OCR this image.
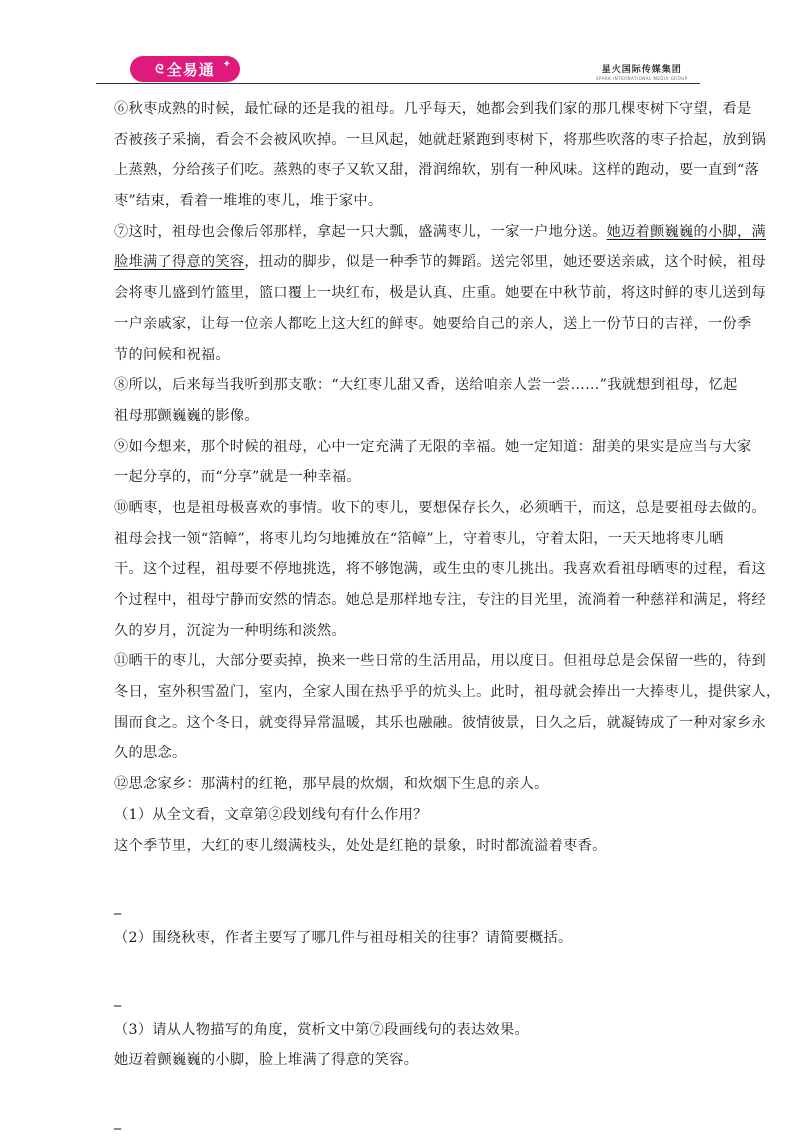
ᘓ 全易通 ✦	星火国际传媒集团
SPARK INTERNATIONAL MEDIA GROUP
⑥秋枣成熟的时候，最忙碌的还是我的祖母。几乎每天，她都会到我们家的那几棵枣树下守望，看是
否被孩子采摘，看会不会被风吹掉。一旦风起，她就赶紧跑到枣树下，将那些吹落的枣子拾起，放到锅
上蒸熟，分给孩子们吃。蒸熟的枣子又软又甜，滑润绵软，别有一种风味。这样的跑动，要一直到“落
枣”结束，看着一堆堆的枣儿，堆于家中。
⑦这时，祖母也会像后邻那样，拿起一只大瓢，盛满枣儿，一家一户地分送。她迈着颤巍巍的小脚，满
脸堆满了得意的笑容，扭动的脚步，似是一种季节的舞蹈。送完邻里，她还要送亲戚，这个时候，祖母
会将枣儿盛到竹篮里，篮口覆上一块红布，极是认真、庄重。她要在中秋节前，将这时鲜的枣儿送到每
一户亲戚家，让每一位亲人都吃上这大红的鲜枣。她要给自己的亲人，送上一份节日的吉祥，一份季
节的问候和祝福。
⑧所以，后来每当我听到那支歌：“大红枣儿甜又香，送给咱亲人尝一尝……”我就想到祖母，忆起
祖母那颤巍巍的影像。
⑨如今想来，那个时候的祖母，心中一定充满了无限的幸福。她一定知道：甜美的果实是应当与大家
一起分享的，而“分享”就是一种幸福。
⑩晒枣，也是祖母极喜欢的事情。收下的枣儿，要想保存长久，必须晒干，而这，总是要祖母去做的。
祖母会找一领“箔幛”，将枣儿均匀地摊放在“箔幛”上，守着枣儿，守着太阳，一天天地将枣儿晒
干。这个过程，祖母要不停地挑选，将不够饱满，或生虫的枣儿挑出。我喜欢看祖母晒枣的过程，看这
个过程中，祖母宁静而安然的情态。她总是那样地专注，专注的目光里，流淌着一种慈祥和满足，将经
久的岁月，沉淀为一种明练和淡然。
⑪晒干的枣儿，大部分要卖掉，换来一些日常的生活用品，用以度日。但祖母总是会保留一些的，待到
冬日，室外积雪盈门，室内，全家人围在热乎乎的炕头上。此时，祖母就会捧出一大捧枣儿，提供家人，
围而食之。这个冬日，就变得异常温暖，其乐也融融。彼情彼景，日久之后，就凝铸成了一种对家乡永
久的思念。
⑫思念家乡：那满村的红艳，那早晨的炊烟，和炊烟下生息的亲人。
（1）从全文看，文章第②段划线句有什么作用？
这个季节里，大红的枣儿缀满枝头，处处是红艳的景象，时时都流溢着枣香。
_
（2）围绕秋枣，作者主要写了哪几件与祖母相关的往事？请简要概括。
_
（3）请从人物描写的角度，赏析文中第⑦段画线句的表达效果。
她迈着颤巍巍的小脚，脸上堆满了得意的笑容。
_
